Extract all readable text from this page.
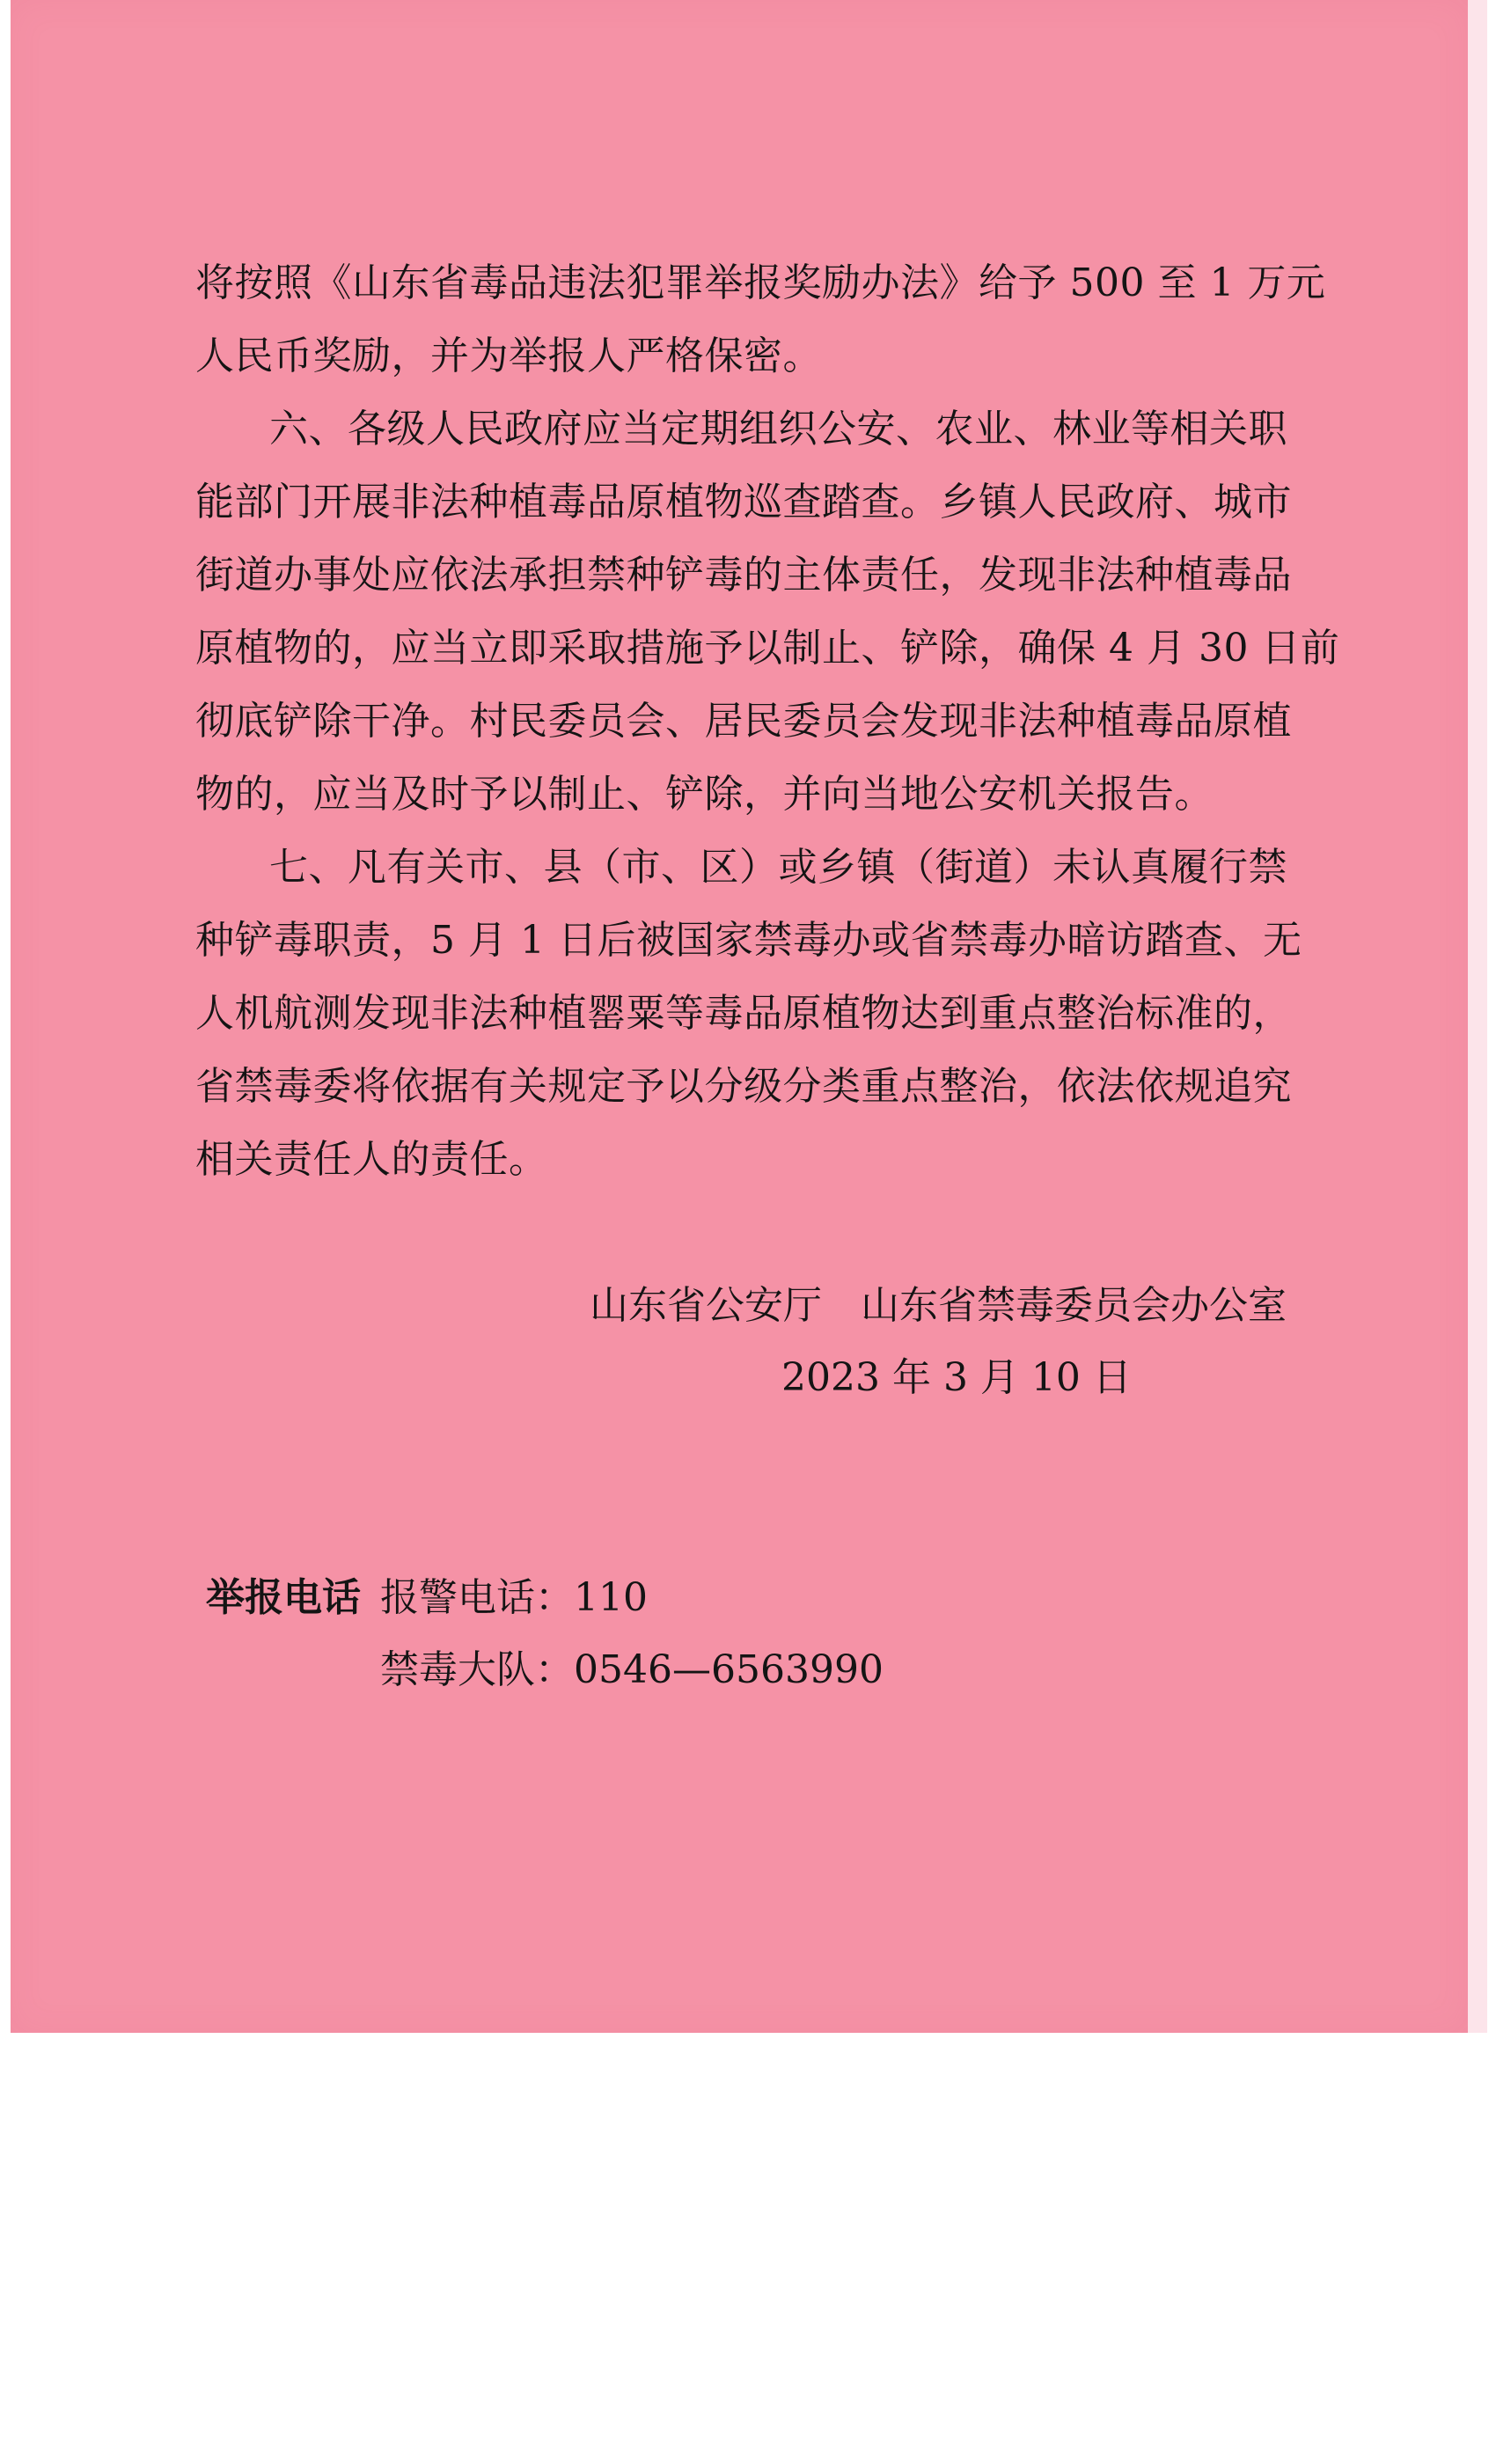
将按照《山东省毒品违法犯罪举报奖励办法》给予 500 至 1 万元
人民币奖励，并为举报人严格保密。
六、各级人民政府应当定期组织公安、农业、林业等相关职
能部门开展非法种植毒品原植物巡查踏查。乡镇人民政府、城市
街道办事处应依法承担禁种铲毒的主体责任，发现非法种植毒品
原植物的，应当立即采取措施予以制止、铲除，确保 4 月 30 日前
彻底铲除干净。村民委员会、居民委员会发现非法种植毒品原植
物的，应当及时予以制止、铲除，并向当地公安机关报告。
七、凡有关市、县（市、区）或乡镇（街道）未认真履行禁
种铲毒职责，5 月 1 日后被国家禁毒办或省禁毒办暗访踏查、无
人机航测发现非法种植罂粟等毒品原植物达到重点整治标准的，
省禁毒委将依据有关规定予以分级分类重点整治，依法依规追究
相关责任人的责任。
山东省公安厅　山东省禁毒委员会办公室
2023 年 3 月 10 日
举报电话 报警电话：110
禁毒大队：0546—6563990
